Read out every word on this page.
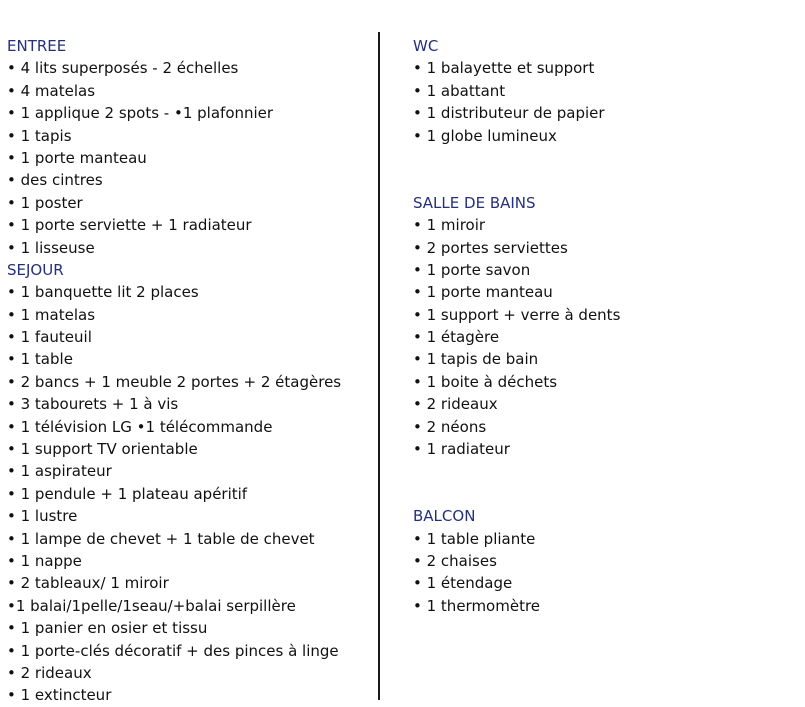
ENTREE
• 4 lits superposés - 2 échelles
• 4 matelas
• 1 applique 2 spots - •1 plafonnier
• 1 tapis
• 1 porte manteau
• des cintres
• 1 poster
• 1 porte serviette + 1 radiateur
• 1 lisseuse
SEJOUR
• 1 banquette lit 2 places
• 1 matelas
• 1 fauteuil
• 1 table
• 2 bancs + 1 meuble 2 portes + 2 étagères
• 3 tabourets + 1 à vis
• 1 télévision LG •1 télécommande
• 1 support TV orientable
• 1 aspirateur
• 1 pendule + 1 plateau apéritif
• 1 lustre
• 1 lampe de chevet + 1 table de chevet
• 1 nappe
• 2 tableaux/ 1 miroir
•1 balai/1pelle/1seau/+balai serpillère
• 1 panier en osier et tissu
• 1 porte-clés décoratif + des pinces à linge
• 2 rideaux
• 1 extincteur
WC
• 1 balayette et support
• 1 abattant
• 1 distributeur de papier
• 1 globe lumineux
SALLE DE BAINS
• 1 miroir
• 2 portes serviettes
• 1 porte savon
• 1 porte manteau
• 1 support + verre à dents
• 1 étagère
• 1 tapis de bain
• 1 boite à déchets
• 2 rideaux
• 2 néons
• 1 radiateur
BALCON
• 1 table pliante
• 2 chaises
• 1 étendage
• 1 thermomètre
